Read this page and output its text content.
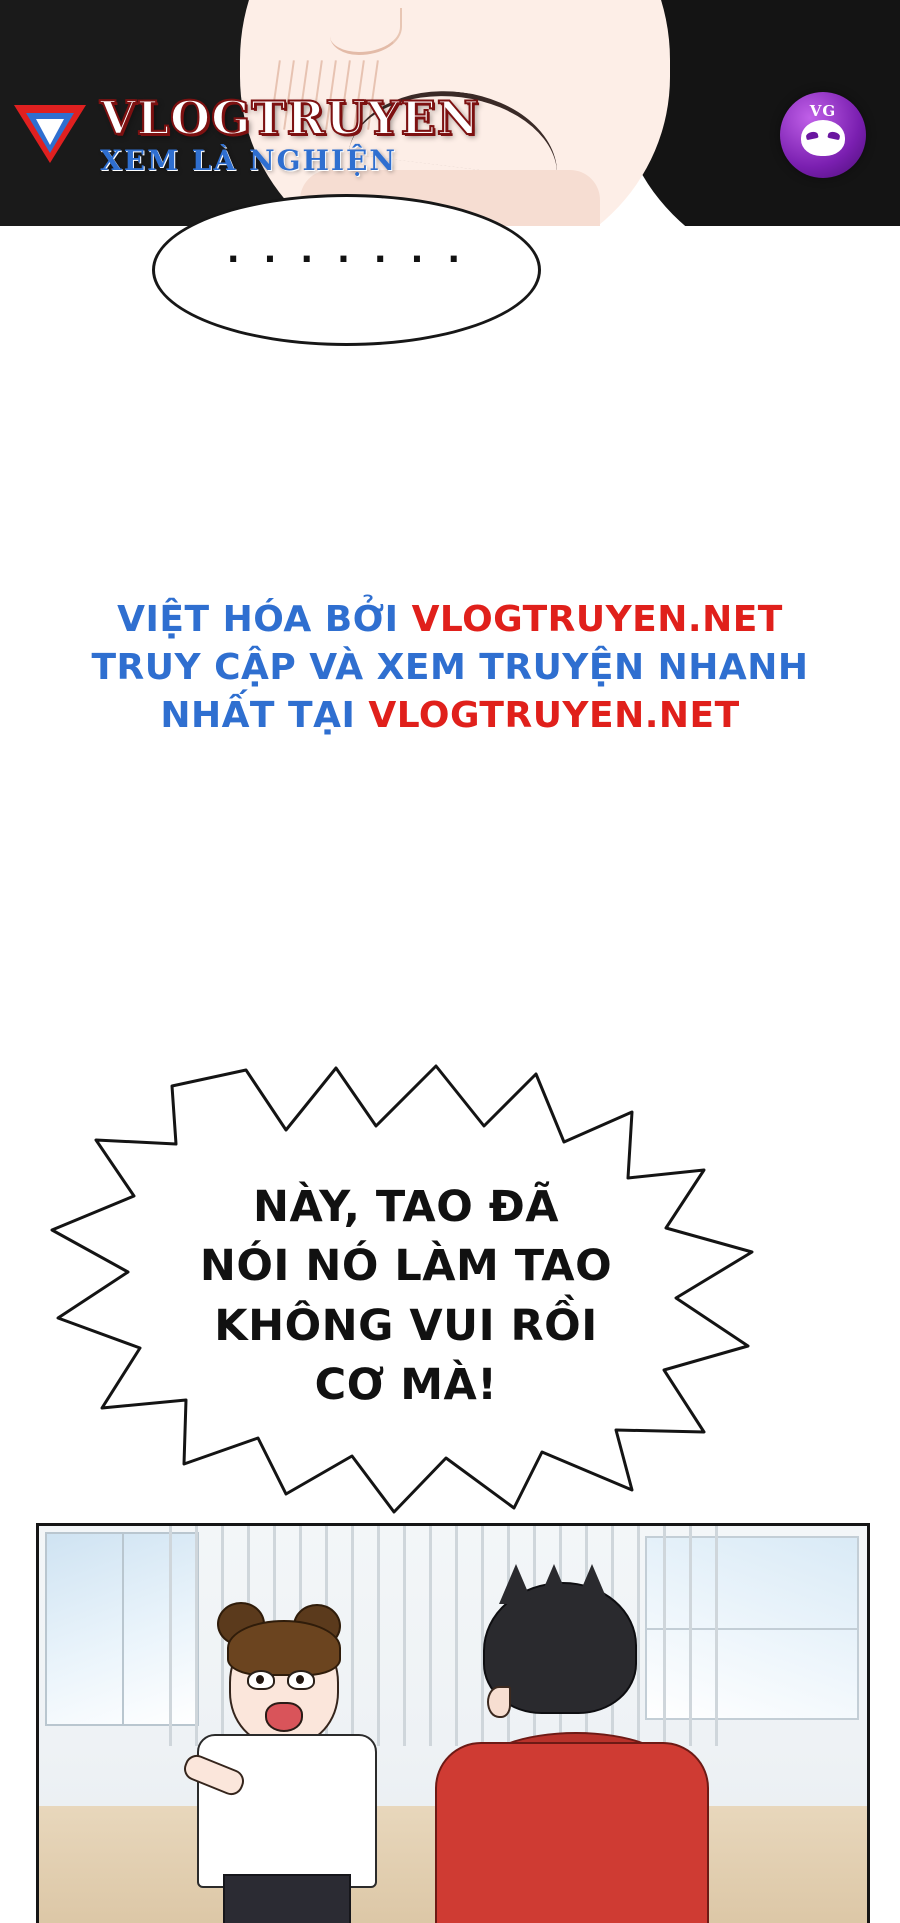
VLOGTRUYEN
XEM LÀ NGHIỆN
VG
. . . . . . .
VIỆT HÓA BỞI VLOGTRUYEN.NET
TRUY CẬP VÀ XEM TRUYỆN NHANH
NHẤT TẠI VLOGTRUYEN.NET
NÀY, TAO ĐÃ
NÓI NÓ LÀM TAO
KHÔNG VUI RỒI
CƠ MÀ!
